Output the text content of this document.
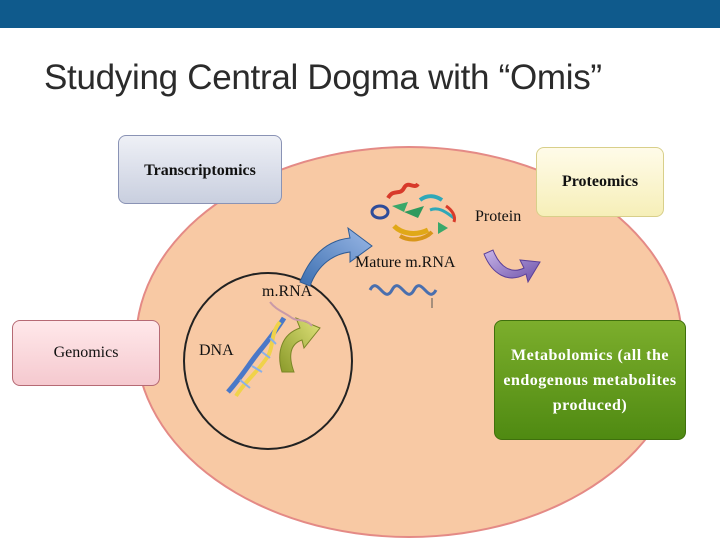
Studying Central Dogma with “Omis”
Transcriptomics
Proteomics
Genomics	Metabolomics (all the endogenous metabolites produced)
Protein
Mature m.RNA
m.RNA
DNA
